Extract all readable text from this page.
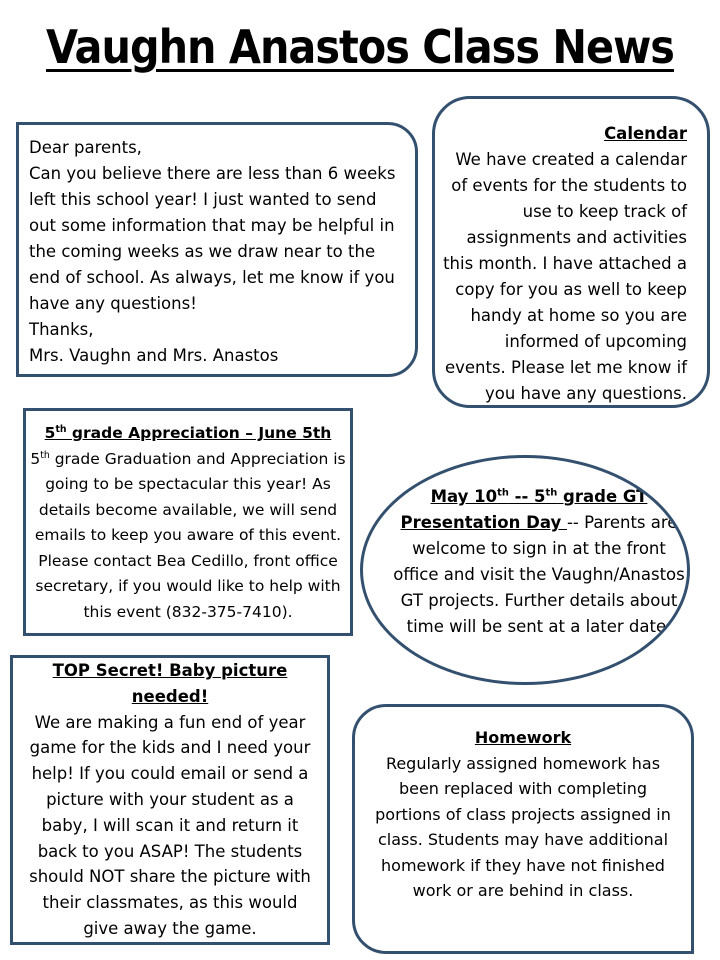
Vaughn Anastos Class News
Dear parents,
Can you believe there are less than 6 weeks left this school year! I just wanted to send out some information that may be helpful in the coming weeks as we draw near to the end of school. As always, let me know if you have any questions!
Thanks,
Mrs. Vaughn and Mrs. Anastos
Calendar
We have created a calendar of events for the students to use to keep track of assignments and activities this month. I have attached a copy for you as well to keep handy at home so you are informed of upcoming events. Please let me know if you have any questions.
5th grade Appreciation – June 5th
5th grade Graduation and Appreciation is going to be spectacular this year! As details become available, we will send emails to keep you aware of this event. Please contact Bea Cedillo, front office secretary, if you would like to help with this event (832-375-7410).
May 10th -- 5th grade GT Presentation Day -- Parents are welcome to sign in at the front office and visit the Vaughn/Anastos GT projects. Further details about time will be sent at a later date.
TOP Secret! Baby picture needed!
We are making a fun end of year game for the kids and I need your help! If you could email or send a picture with your student as a baby, I will scan it and return it back to you ASAP! The students should NOT share the picture with their classmates, as this would give away the game.
Homework
Regularly assigned homework has been replaced with completing portions of class projects assigned in class. Students may have additional homework if they have not finished work or are behind in class.
